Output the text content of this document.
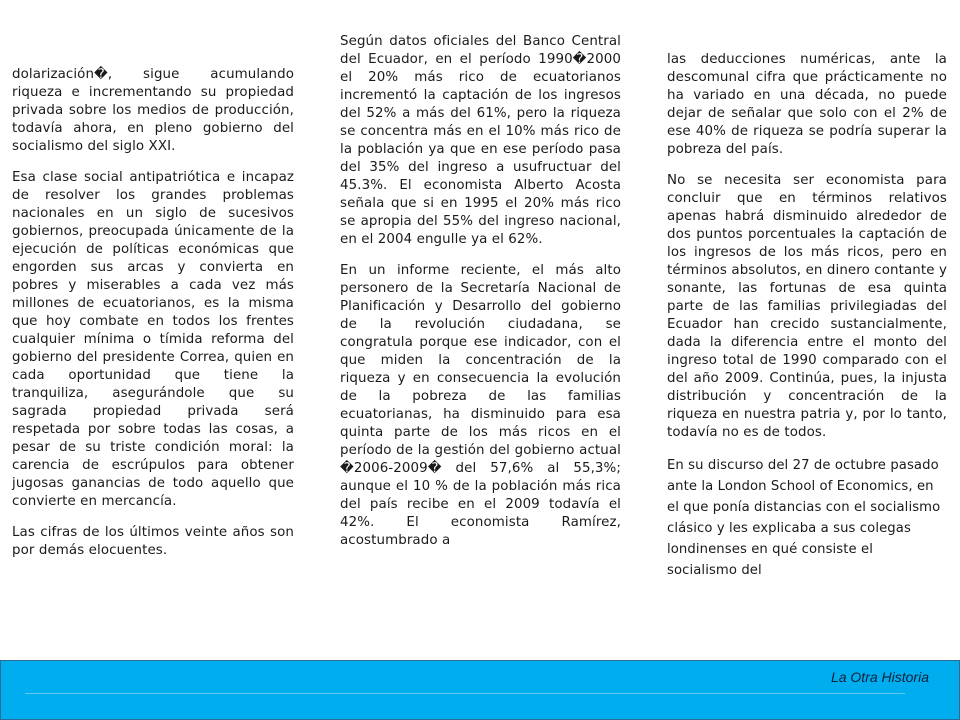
dolarización�, sigue acumulando riqueza e incrementando su propiedad privada sobre los medios de producción, todavía ahora, en pleno gobierno del socialismo del siglo XXI.

Esa clase social antipatriótica e incapaz de resolver los grandes problemas nacionales en un siglo de sucesivos gobiernos, preocupada únicamente de la ejecución de políticas económicas que engorden sus arcas y convierta en pobres y miserables a cada vez más millones de ecuatorianos, es la misma que hoy combate en todos los frentes cualquier mínima o tímida reforma del gobierno del presidente Correa, quien en cada oportunidad que tiene la tranquiliza, asegurándole que su sagrada propiedad privada será respetada por sobre todas las cosas, a pesar de su triste condición moral: la carencia de escrúpulos para obtener jugosas ganancias de todo aquello que convierte en mercancía.

Las cifras de los últimos veinte años son por demás elocuentes.

Según datos oficiales del Banco Central del Ecuador, en el período 1990�2000 el 20% más rico de ecuatorianos incrementó la captación de los ingresos del 52% a más del 61%, pero la riqueza se concentra más en el 10% más rico de la población ya que en ese período pasa del 35% del ingreso a usufructuar del 45.3%. El economista Alberto Acosta señala que si en 1995 el 20% más rico se apropia del 55% del ingreso nacional, en el 2004 engulle ya el 62%.

En un informe reciente, el más alto personero de la Secretaría Nacional de Planificación y Desarrollo del gobierno de la revolución ciudadana, se congratula porque ese indicador, con el que miden la concentración de la riqueza y en consecuencia la evolución de la pobreza de las familias ecuatorianas, ha disminuido para esa quinta parte de los más ricos en el período de la gestión del gobierno actual �2006-2009� del 57,6% al 55,3%; aunque el 10 % de la población más rica del país recibe en el 2009 todavía el 42%. El economista Ramírez, acostumbrado a

las deducciones numéricas, ante la descomunal cifra que prácticamente no ha variado en una década, no puede dejar de señalar que solo con el 2% de ese 40% de riqueza se podría superar la pobreza del país.

No se necesita ser economista para concluir que en términos relativos apenas habrá disminuido alrededor de dos puntos porcentuales la captación de los ingresos de los más ricos, pero en términos absolutos, en dinero contante y sonante, las fortunas de esa quinta parte de las familias privilegiadas del Ecuador han crecido sustancialmente, dada la diferencia entre el monto del ingreso total de 1990 comparado con el del año 2009. Continúa, pues, la injusta distribución y concentración de la riqueza en nuestra patria y, por lo tanto, todavía no es de todos.

En su discurso del 27 de octubre pasado ante la London School of Economics, en el que ponía distancias con el socialismo clásico y les explicaba a sus colegas londinenses en qué consiste el socialismo del

La Otra Historia
